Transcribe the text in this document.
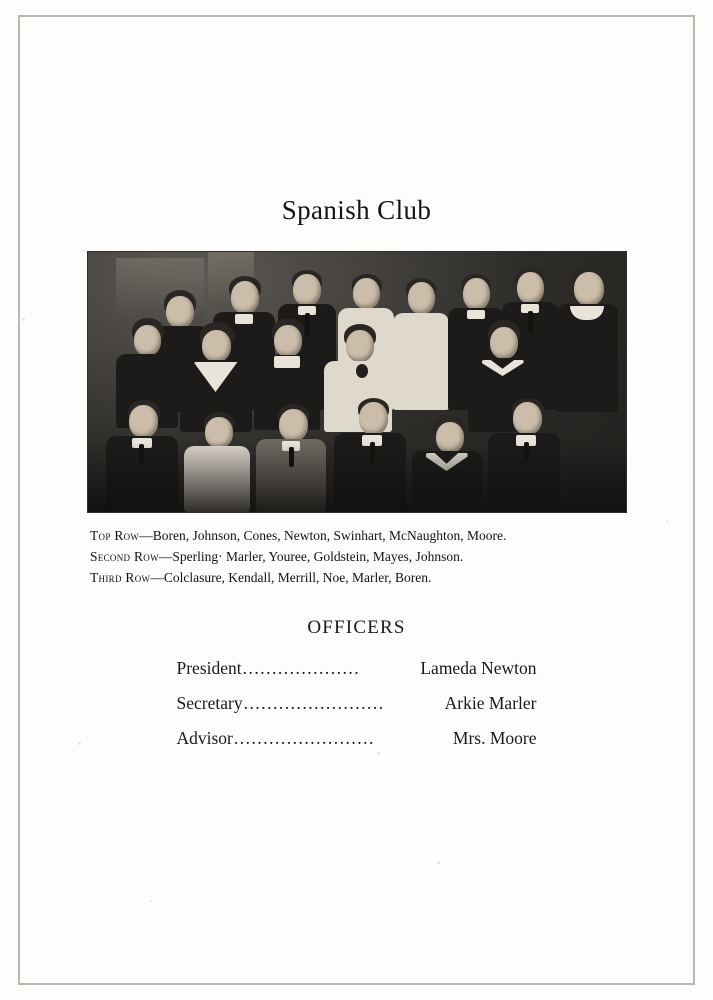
Spanish Club
Top Row—Boren, Johnson, Cones, Newton, Swinhart, McNaughton, Moore.
Second Row—Sperling· Marler, Youree, Goldstein, Mayes, Johnson.
Third Row—Colclasure, Kendall, Merrill, Noe, Marler, Boren.
OFFICERS
President ....................	Lameda Newton
Secretary ........................	Arkie Marler
Advisor ........................	Mrs. Moore
